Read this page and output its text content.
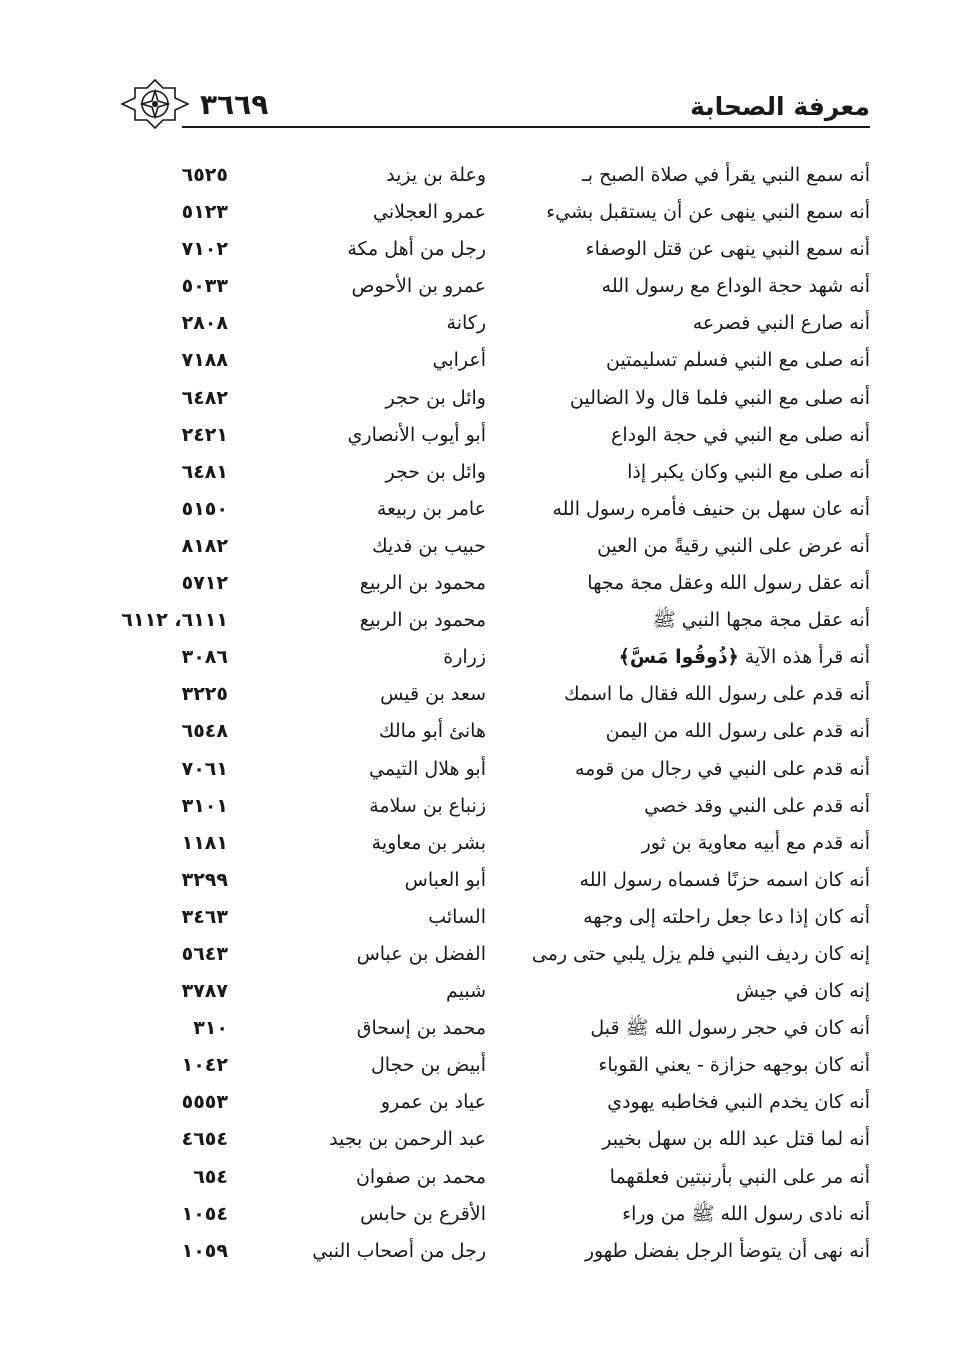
معرفة الصحابة
٣٦٦٩
أنه سمع النبي يقرأ في صلاة الصبح بـ
وعلة بن يزيد
٦٥٢٥
أنه سمع النبي ينهى عن أن يستقبل بشيء
عمرو العجلاني
٥١٢٣
أنه سمع النبي ينهى عن قتل الوصفاء
رجل من أهل مكة
٧١٠٢
أنه شهد حجة الوداع مع رسول الله
عمرو بن الأحوص
٥٠٣٣
أنه صارع النبي فصرعه
ركانة
٢٨٠٨
أنه صلى مع النبي فسلم تسليمتين
أعرابي
٧١٨٨
أنه صلى مع النبي فلما قال ولا الضالين
وائل بن حجر
٦٤٨٢
أنه صلى مع النبي في حجة الوداع
أبو أيوب الأنصاري
٢٤٢١
أنه صلى مع النبي وكان يكبر إذا
وائل بن حجر
٦٤٨١
أنه عان سهل بن حنيف فأمره رسول الله
عامر بن ربيعة
٥١٥٠
أنه عرض على النبي رقيةً من العين
حبيب بن فديك
٨١٨٢
أنه عقل رسول الله وعقل مجة مجها
محمود بن الربيع
٥٧١٢
أنه عقل مجة مجها النبي ﷺ
محمود بن الربيع
٦١١١، ٦١١٢
أنه قرأ هذه الآية﴿ذُوقُوا مَسَّ﴾
زرارة
٣٠٨٦
أنه قدم على رسول الله فقال ما اسمك
سعد بن قيس
٣٢٢٥
أنه قدم على رسول الله من اليمن
هانئ أبو مالك
٦٥٤٨
أنه قدم على النبي في رجال من قومه
أبو هلال التيمي
٧٠٦١
أنه قدم على النبي وقد خصي
زنباع بن سلامة
٣١٠١
أنه قدم مع أبيه معاوية بن ثور
بشر بن معاوية
١١٨١
أنه كان اسمه حزنًا فسماه رسول الله
أبو العباس
٣٢٩٩
أنه كان إذا دعا جعل راحلته إلى وجهه
السائب
٣٤٦٣
إنه كان رديف النبي فلم يزل يلبي حتى رمى
الفضل بن عباس
٥٦٤٣
إنه كان في جيش
شبيم
٣٧٨٧
أنه كان في حجر رسول الله ﷺ قبل
محمد بن إسحاق
٣١٠
أنه كان بوجهه حزازة - يعني القوباء
أبيض بن حجال
١٠٤٢
أنه كان يخدم النبي فخاطبه يهودي
عياد بن عمرو
٥٥٥٣
أنه لما قتل عبد الله بن سهل بخيبر
عبد الرحمن بن بجيد
٤٦٥٤
أنه مر على النبي بأرنبتين فعلقهما
محمد بن صفوان
٦٥٤
أنه نادى رسول الله ﷺ من وراء
الأقرع بن حابس
١٠٥٤
أنه نهى أن يتوضأ الرجل بفضل طهور
رجل من أصحاب النبي
١٠٥٩
